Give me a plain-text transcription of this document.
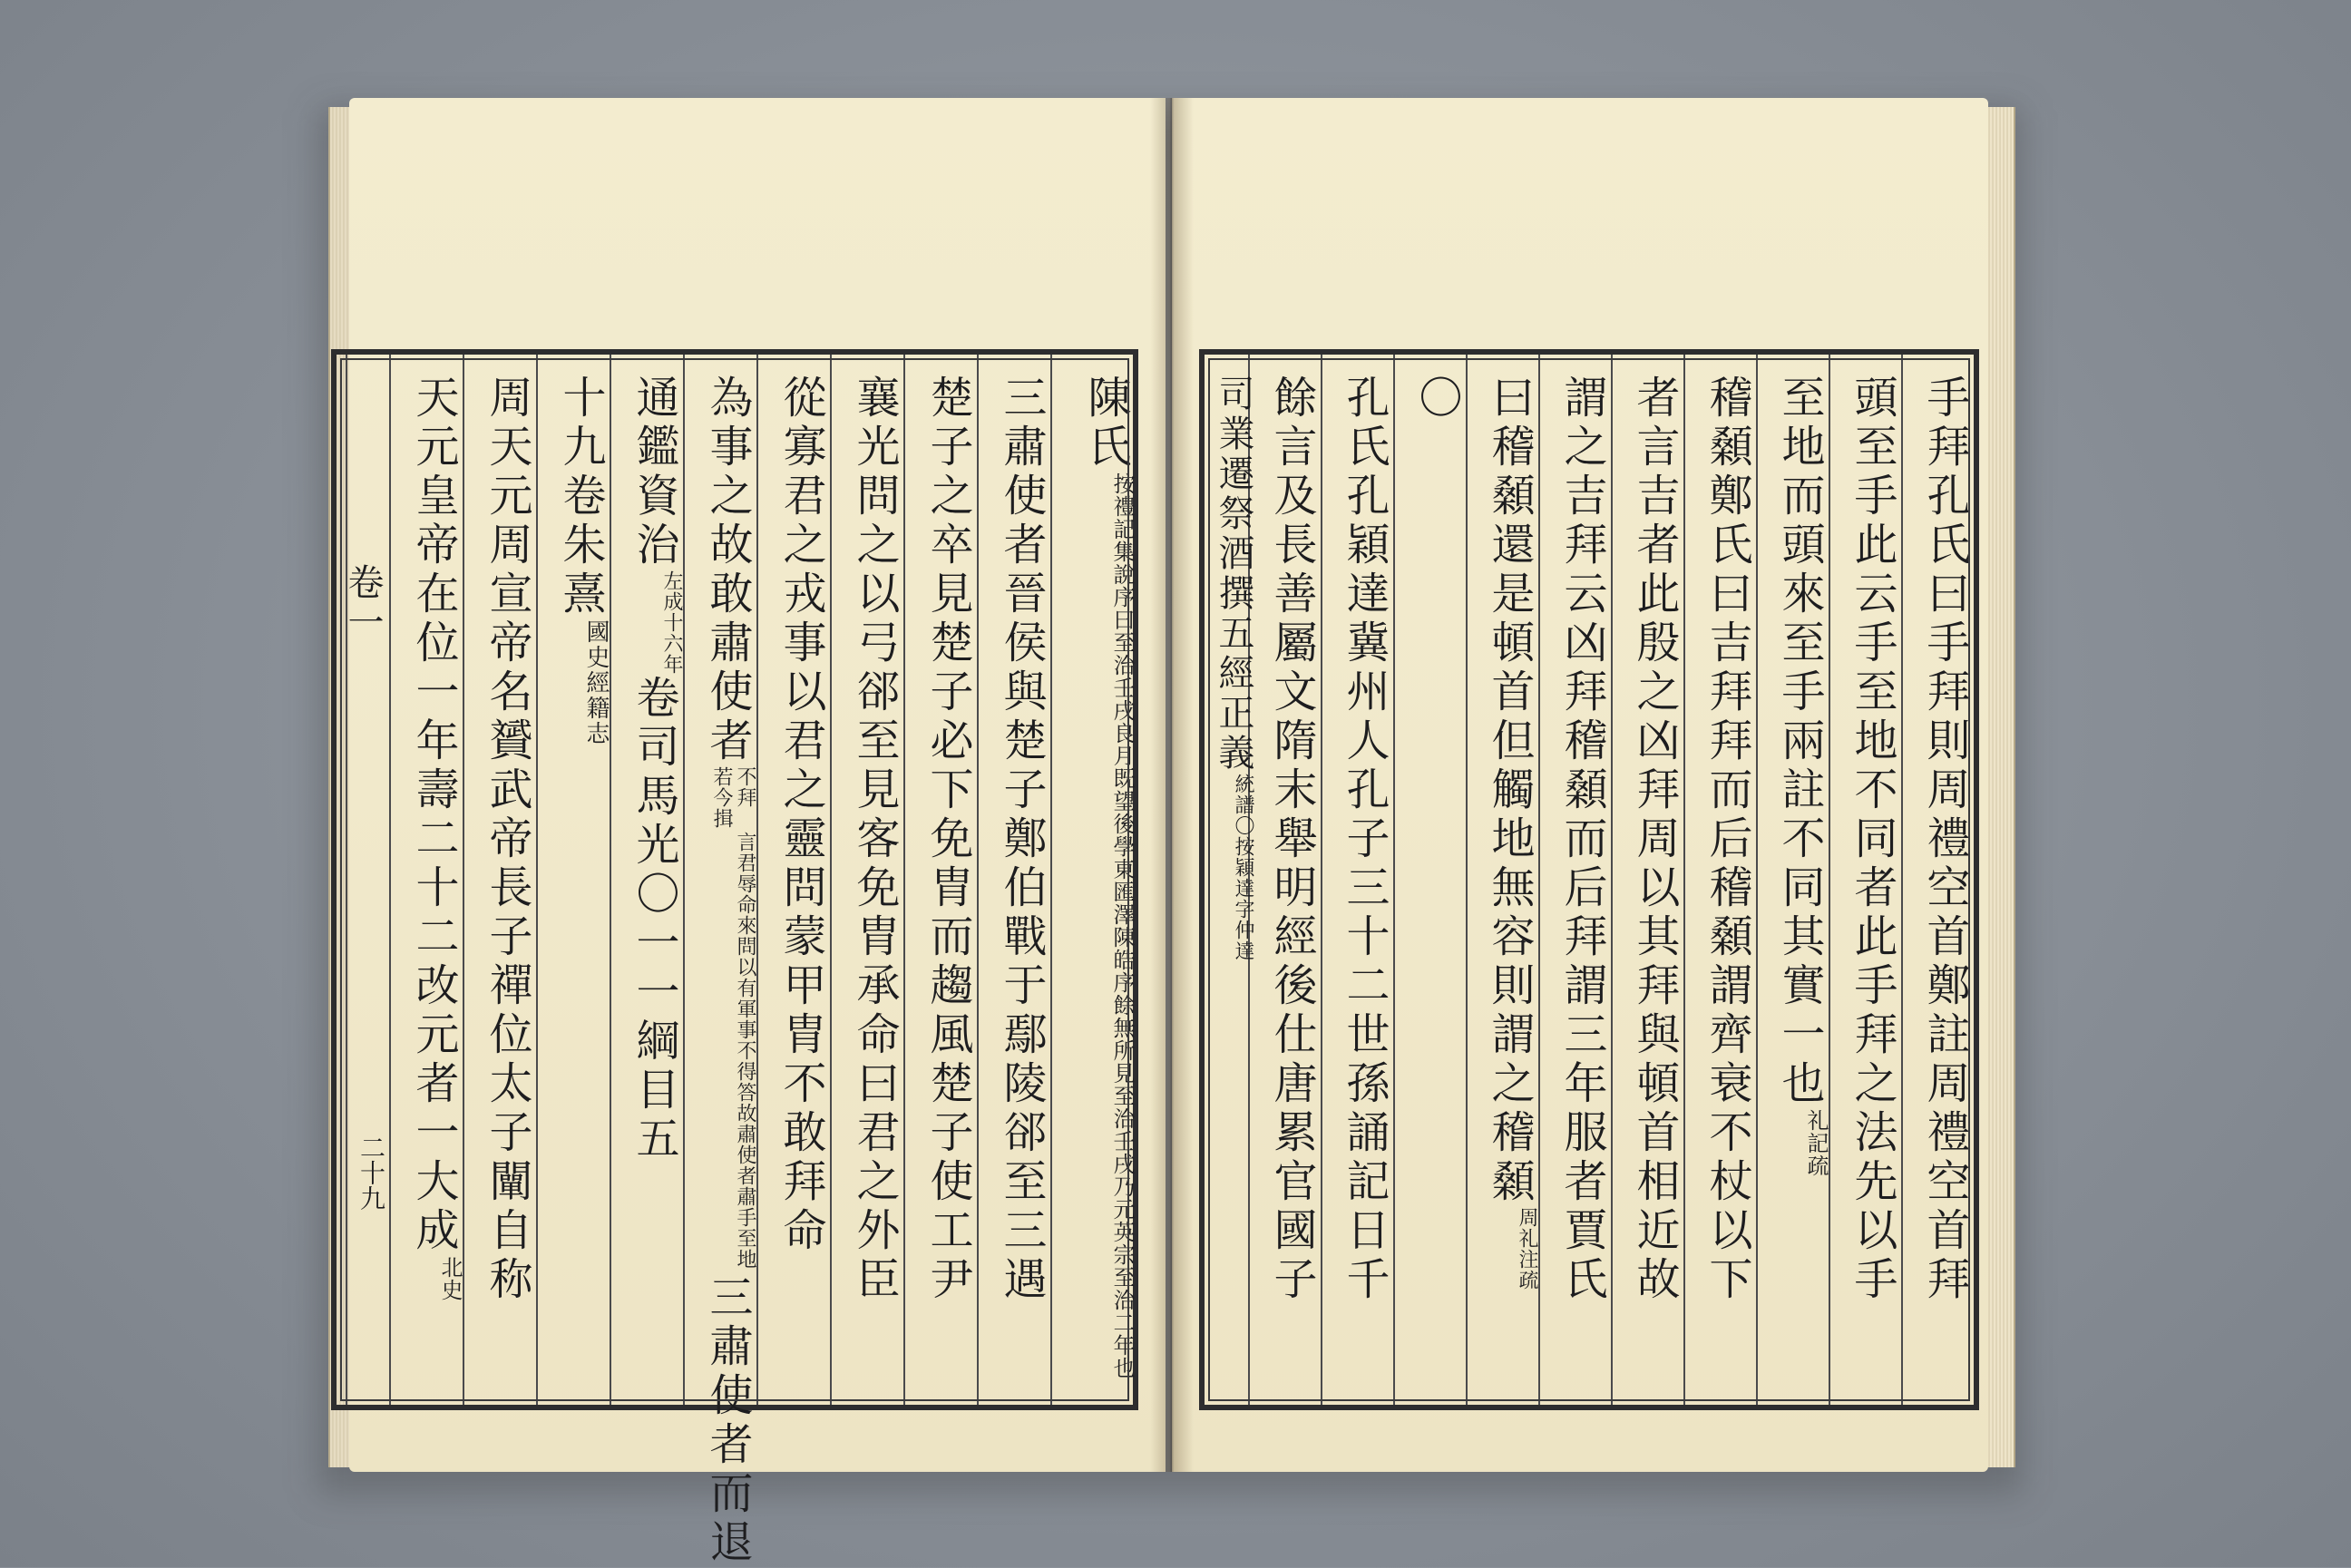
陳氏
按禮記集說序曰至治壬戌良月既望後學東匯澤陳皓序餘無所見至治壬戌乃元英宗至治二年也
三肅使者晉侯與楚子鄭伯戰于鄢陵郤至三遇
楚子之卒見楚子必下免胄而趨風楚子使工尹
襄光問之以弓郤至見客免胄承命曰君之外臣
從寡君之戎事以君之靈問蒙甲胄不敢拜命
為事之故敢肅使者
不拜 言君辱命來問以有軍事不得答故肅使者肅手至地若今揖
三肅使者而退
通鑑資治
左成十六年
卷司馬光〇一一綱目五
十九卷朱熹
國史經籍志
周天元周宣帝名贇武帝長子禪位太子闡自称
天元皇帝在位一年壽二十二改元者一大成
北史
卷一
二十九	手拜孔氏曰手拜則周禮空首鄭註周禮空首拜
頭至手此云手至地不同者此手拜之法先以手
至地而頭來至手兩註不同其實一也
礼記疏
稽顙鄭氏曰吉拜拜而后稽顙謂齊衰不杖以下
者言吉者此殷之凶拜周以其拜與頓首相近故
謂之吉拜云凶拜稽顙而后拜謂三年服者賈氏
曰稽顙還是頓首但觸地無容則謂之稽顙
周礼注疏
〇
孔氏孔穎達冀州人孔子三十二世孫誦記日千
餘言及長善屬文隋末舉明經後仕唐累官國子
司業遷祭酒撰五經正義
統譜〇按穎達字仲達
